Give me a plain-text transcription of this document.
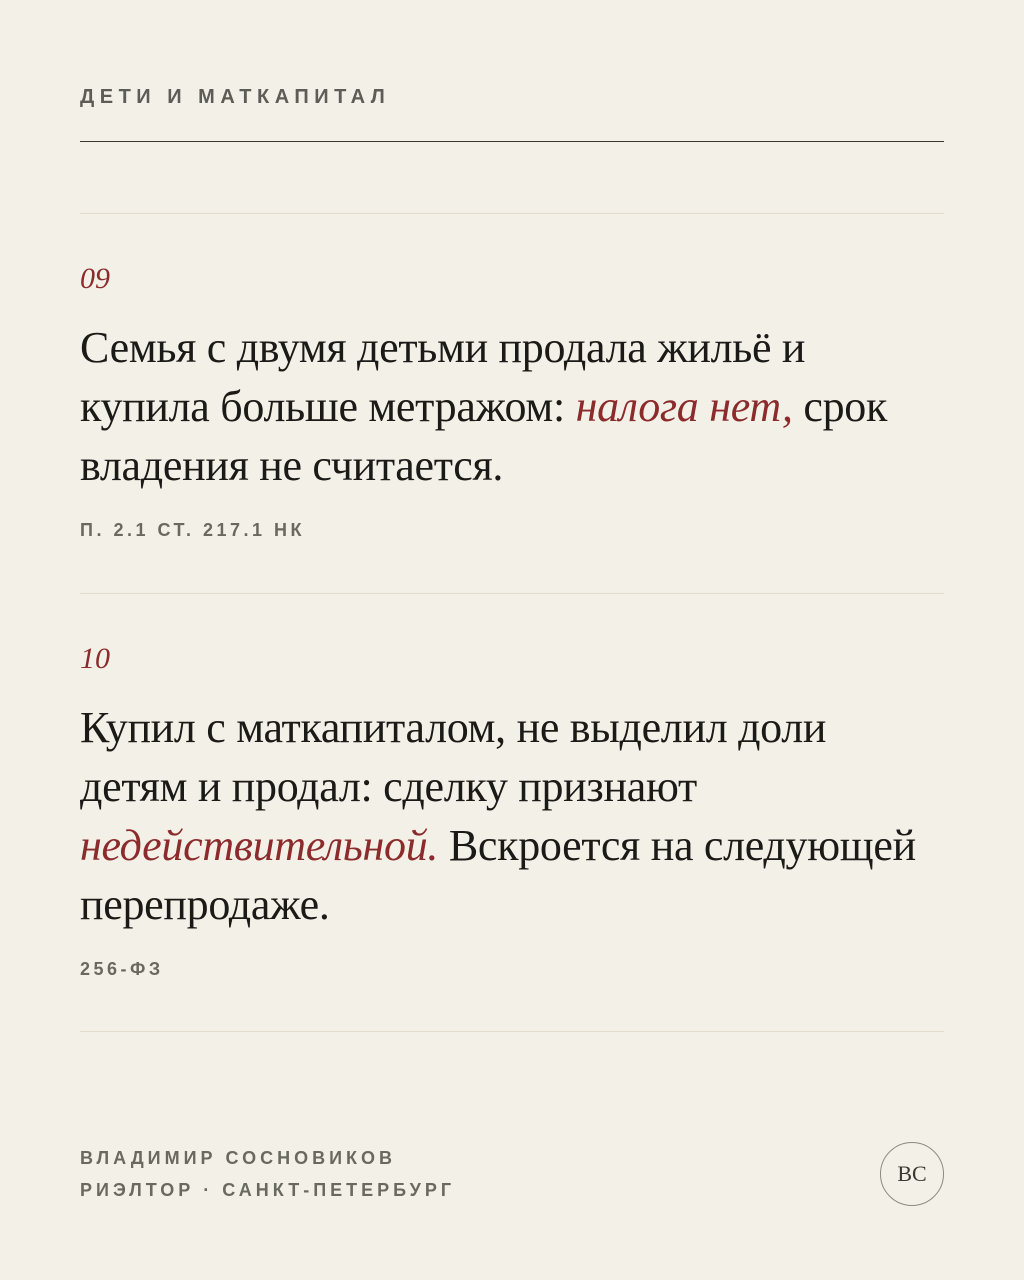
ДЕТИ И МАТКАПИТАЛ
09
Семья с двумя детьми продала жильё и купила больше метражом: налога нет, срок владения не считается.
П. 2.1 СТ. 217.1 НК
10
Купил с маткапиталом, не выделил доли детям и продал: сделку признают недействительной. Вскроется на следующей перепродаже.
256-ФЗ
ВЛАДИМИР СОСНОВИКОВ
РИЭЛТОР · САНКТ-ПЕТЕРБУРГ
ВС
